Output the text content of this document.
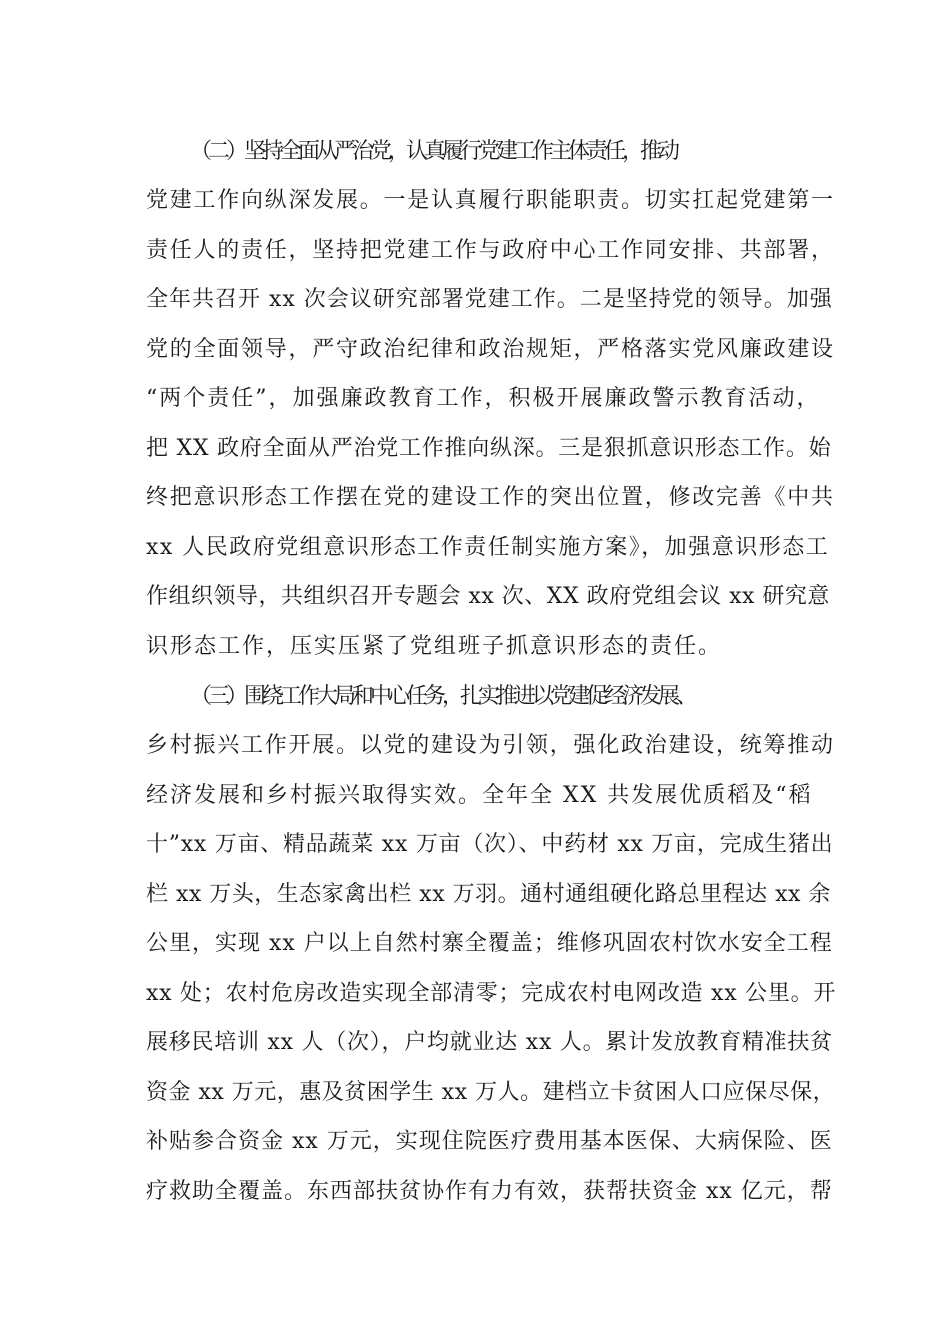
（二）坚持全面从严治党，认真履行党建工作主体责任，推动
党建工作向纵深发展。一是认真履行职能职责。切实扛起党建第一
责任人的责任，坚持把党建工作与政府中心工作同安排、共部署，
全年共召开 xx 次会议研究部署党建工作。二是坚持党的领导。加强
党的全面领导，严守政治纪律和政治规矩，严格落实党风廉政建设
“两个责任”，加强廉政教育工作，积极开展廉政警示教育活动，
把 XX 政府全面从严治党工作推向纵深。三是狠抓意识形态工作。始
终把意识形态工作摆在党的建设工作的突出位置，修改完善《中共
xx 人民政府党组意识形态工作责任制实施方案》，加强意识形态工
作组织领导，共组织召开专题会 xx 次、XX 政府党组会议 xx 研究意
识形态工作，压实压紧了党组班子抓意识形态的责任。
（三）围绕工作大局和中心任务，扎实推进以党建促经济发展、
乡村振兴工作开展。以党的建设为引领，强化政治建设，统筹推动
经济发展和乡村振兴取得实效。全年全 XX 共发展优质稻及“稻
十”xx 万亩、精品蔬菜 xx 万亩（次）、中药材 xx 万亩，完成生猪出
栏 xx 万头，生态家禽出栏 xx 万羽。通村通组硬化路总里程达 xx 余
公里，实现 xx 户以上自然村寨全覆盖；维修巩固农村饮水安全工程
xx 处；农村危房改造实现全部清零；完成农村电网改造 xx 公里。开
展移民培训 xx 人（次），户均就业达 xx 人。累计发放教育精准扶贫
资金 xx 万元，惠及贫困学生 xx 万人。建档立卡贫困人口应保尽保，
补贴参合资金 xx 万元，实现住院医疗费用基本医保、大病保险、医
疗救助全覆盖。东西部扶贫协作有力有效，获帮扶资金 xx 亿元，帮
